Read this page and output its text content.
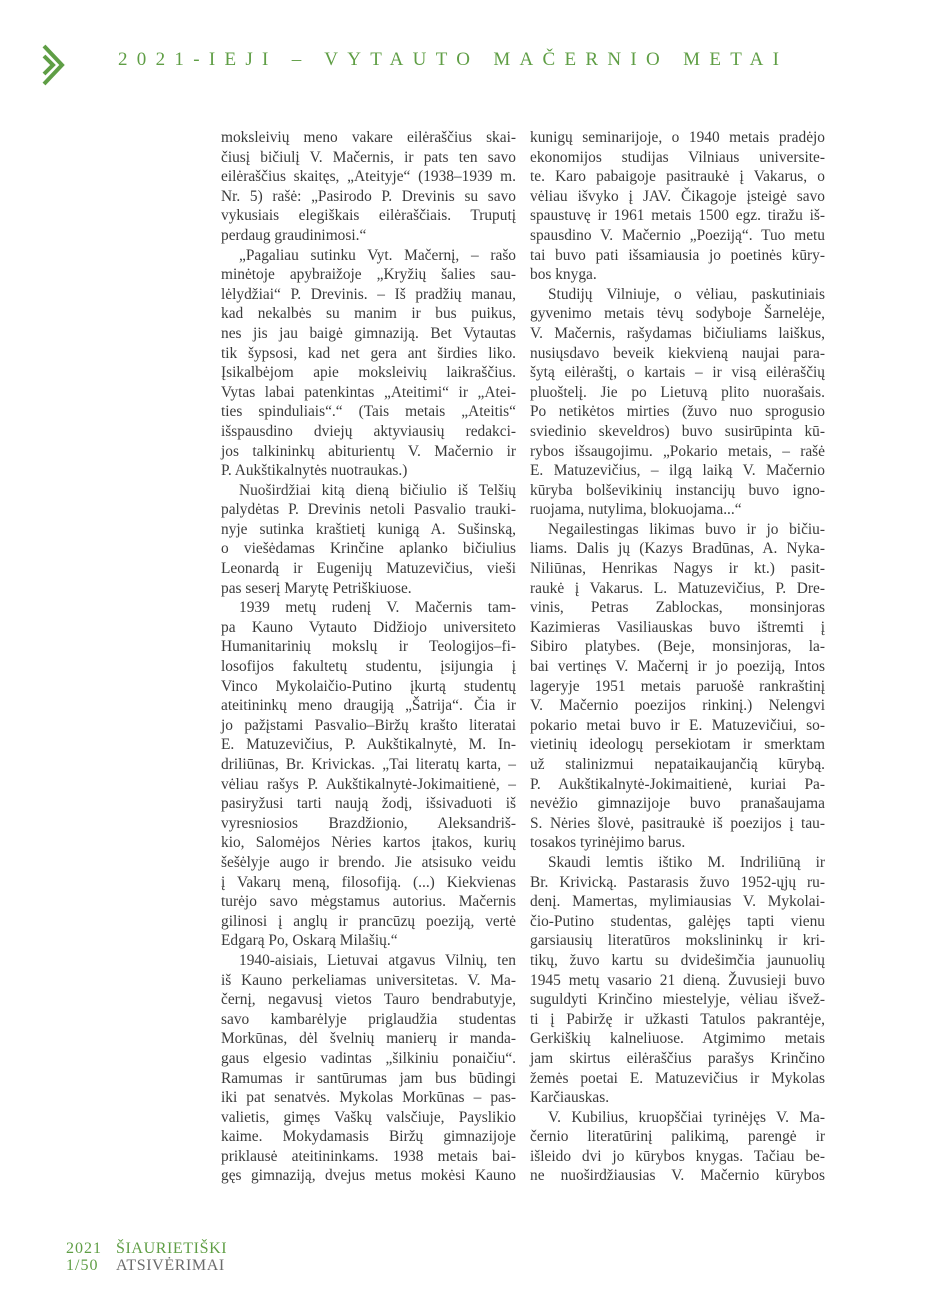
2021-IEJI – VYTAUTO MAČERNIO METAI
moksleivių meno vakare eilėraščius skai-
čiusį bičiulį V. Mačernis, ir pats ten savo
eilėraščius skaitęs, „Ateityje“ (1938–1939 m.
Nr. 5) rašė: „Pasirodo P. Drevinis su savo
vykusiais elegiškais eilėraščiais. Truputį
perdaug graudinimosi.“
„Pagaliau sutinku Vyt. Mačernį, – rašo
minėtoje apybraižoje „Kryžių šalies sau-
lėlydžiai“ P. Drevinis. – Iš pradžių manau,
kad nekalbės su manim ir bus puikus,
nes jis jau baigė gimnaziją. Bet Vytautas
tik šypsosi, kad net gera ant širdies liko.
Įsikalbėjom apie moksleivių laikraščius.
Vytas labai patenkintas „Ateitimi“ ir „Atei-
ties spinduliais“.“ (Tais metais „Ateitis“
išspausdino dviejų aktyviausių redakci-
jos talkininkų abiturientų V. Mačernio ir
P. Aukštikalnytės nuotraukas.)
Nuoširdžiai kitą dieną bičiulio iš Telšių
palydėtas P. Drevinis netoli Pasvalio trauki-
nyje sutinka kraštietį kunigą A. Sušinską,
o viešėdamas Krinčine aplanko bičiulius
Leonardą ir Eugenijų Matuzevičius, vieši
pas seserį Marytę Petriškiuose.
1939 metų rudenį V. Mačernis tam-
pa Kauno Vytauto Didžiojo universiteto
Humanitarinių mokslų ir Teologijos–fi-
losofijos fakultetų studentu, įsijungia į
Vinco Mykolaičio-Putino įkurtą studentų
ateitininkų meno draugiją „Šatrija“. Čia ir
jo pažįstami Pasvalio–Biržų krašto literatai
E. Matuzevičius, P. Aukštikalnytė, M. In-
driliūnas, Br. Krivickas. „Tai literatų karta, –
vėliau rašys P. Aukštikalnytė-Jokimaitienė, –
pasiryžusi tarti naują žodį, išsivaduoti iš
vyresniosios Brazdžionio, Aleksandriš-
kio, Salomėjos Nėries kartos įtakos, kurių
šešėlyje augo ir brendo. Jie atsisuko veidu
į Vakarų meną, filosofiją. (...) Kiekvienas
turėjo savo mėgstamus autorius. Mačernis
gilinosi į anglų ir prancūzų poeziją, vertė
Edgarą Po, Oskarą Milašių.“
1940-aisiais, Lietuvai atgavus Vilnių, ten
iš Kauno perkeliamas universitetas. V. Ma-
černį, negavusį vietos Tauro bendrabutyje,
savo kambarėlyje priglaudžia studentas
Morkūnas, dėl švelnių manierų ir manda-
gaus elgesio vadintas „šilkiniu ponaičiu“.
Ramumas ir santūrumas jam bus būdingi
iki pat senatvės. Mykolas Morkūnas – pas-
valietis, gimęs Vaškų valsčiuje, Payslikio
kaime. Mokydamasis Biržų gimnazijoje
priklausė ateitininkams. 1938 metais bai-
gęs gimnaziją, dvejus metus mokėsi Kauno
kunigų seminarijoje, o 1940 metais pradėjo
ekonomijos studijas Vilniaus universite-
te. Karo pabaigoje pasitraukė į Vakarus, o
vėliau išvyko į JAV. Čikagoje įsteigė savo
spaustuvę ir 1961 metais 1500 egz. tiražu iš-
spausdino V. Mačernio „Poeziją“. Tuo metu
tai buvo pati išsamiausia jo poetinės kūry-
bos knyga.
Studijų Vilniuje, o vėliau, paskutiniais
gyvenimo metais tėvų sodyboje Šarnelėje,
V. Mačernis, rašydamas bičiuliams laiškus,
nusiųsdavo beveik kiekvieną naujai para-
šytą eilėraštį, o kartais – ir visą eilėraščių
pluoštelį. Jie po Lietuvą plito nuorašais.
Po netikėtos mirties (žuvo nuo sprogusio
sviedinio skeveldros) buvo susirūpinta kū-
rybos išsaugojimu. „Pokario metais, – rašė
E. Matuzevičius, – ilgą laiką V. Mačernio
kūryba bolševikinių instancijų buvo igno-
ruojama, nutylima, blokuojama...“
Negailestingas likimas buvo ir jo bičiu-
liams. Dalis jų (Kazys Bradūnas, A. Nyka-
Niliūnas, Henrikas Nagys ir kt.) pasit-
raukė į Vakarus. L. Matuzevičius, P. Dre-
vinis, Petras Zablockas, monsinjoras
Kazimieras Vasiliauskas buvo ištremti į
Sibiro platybes. (Beje, monsinjoras, la-
bai vertinęs V. Mačernį ir jo poeziją, Intos
lageryje 1951 metais paruošė rankraštinį
V. Mačernio poezijos rinkinį.) Nelengvi
pokario metai buvo ir E. Matuzevičiui, so-
vietinių ideologų persekiotam ir smerktam
už stalinizmui nepataikaujančią kūrybą.
P. Aukštikalnytė-Jokimaitienė, kuriai Pa-
nevėžio gimnazijoje buvo pranašaujama
S. Nėries šlovė, pasitraukė iš poezijos į tau-
tosakos tyrinėjimo barus.
Skaudi lemtis ištiko M. Indriliūną ir
Br. Krivicką. Pastarasis žuvo 1952-ųjų ru-
denį. Mamertas, mylimiausias V. Mykolai-
čio-Putino studentas, galėjęs tapti vienu
garsiausių literatūros mokslininkų ir kri-
tikų, žuvo kartu su dvidešimčia jaunuolių
1945 metų vasario 21 dieną. Žuvusieji buvo
suguldyti Krinčino miestelyje, vėliau išvež-
ti į Pabiržę ir užkasti Tatulos pakrantėje,
Gerkiškių kalneliuose. Atgimimo metais
jam skirtus eilėraščius parašys Krinčino
žemės poetai E. Matuzevičius ir Mykolas
Karčiauskas.
V. Kubilius, kruopščiai tyrinėjęs V. Ma-
černio literatūrinį palikimą, parengė ir
išleido dvi jo kūrybos knygas. Tačiau be-
ne nuoširdžiausias V. Mačernio kūrybos
2021 ŠIAURIETIŠKI
1/50	ATSIVĖRIMAI
